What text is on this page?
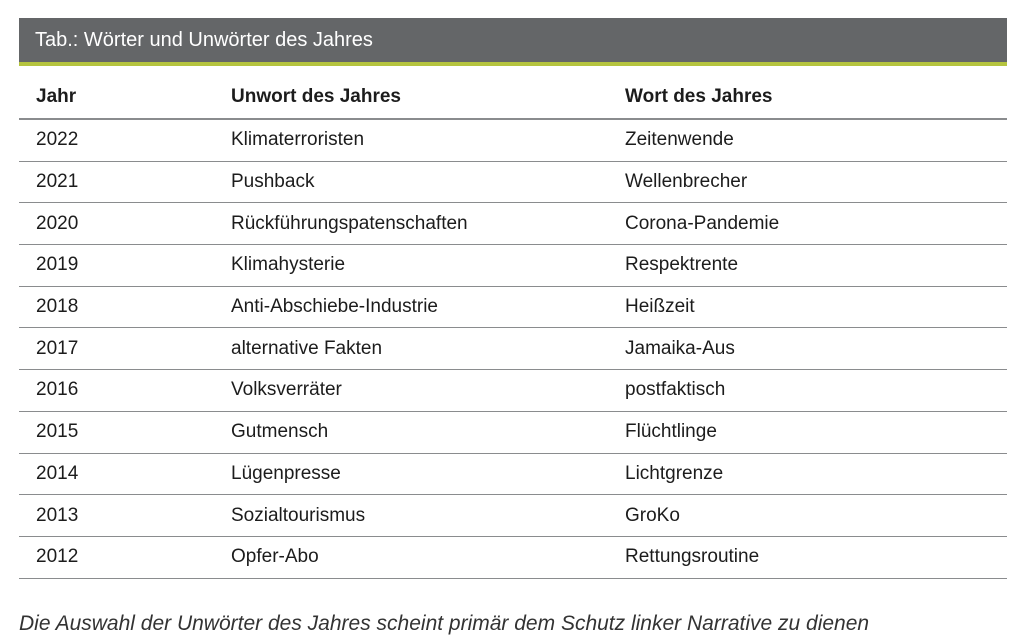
Tab.: Wörter und Unwörter des Jahres
Jahr	Unwort des Jahres	Wort des Jahres
2022	Klimaterroristen	Zeitenwende
2021	Pushback	Wellenbrecher
2020	Rückführungspatenschaften	Corona-Pandemie
2019	Klimahysterie	Respektrente
2018	Anti-Abschiebe-Industrie	Heißzeit
2017	alternative Fakten	Jamaika-Aus
2016	Volksverräter	postfaktisch
2015	Gutmensch	Flüchtlinge
2014	Lügenpresse	Lichtgrenze
2013	Sozialtourismus	GroKo
2012	Opfer-Abo	Rettungsroutine
Die Auswahl der Unwörter des Jahres scheint primär dem Schutz linker Narrative zu dienen
